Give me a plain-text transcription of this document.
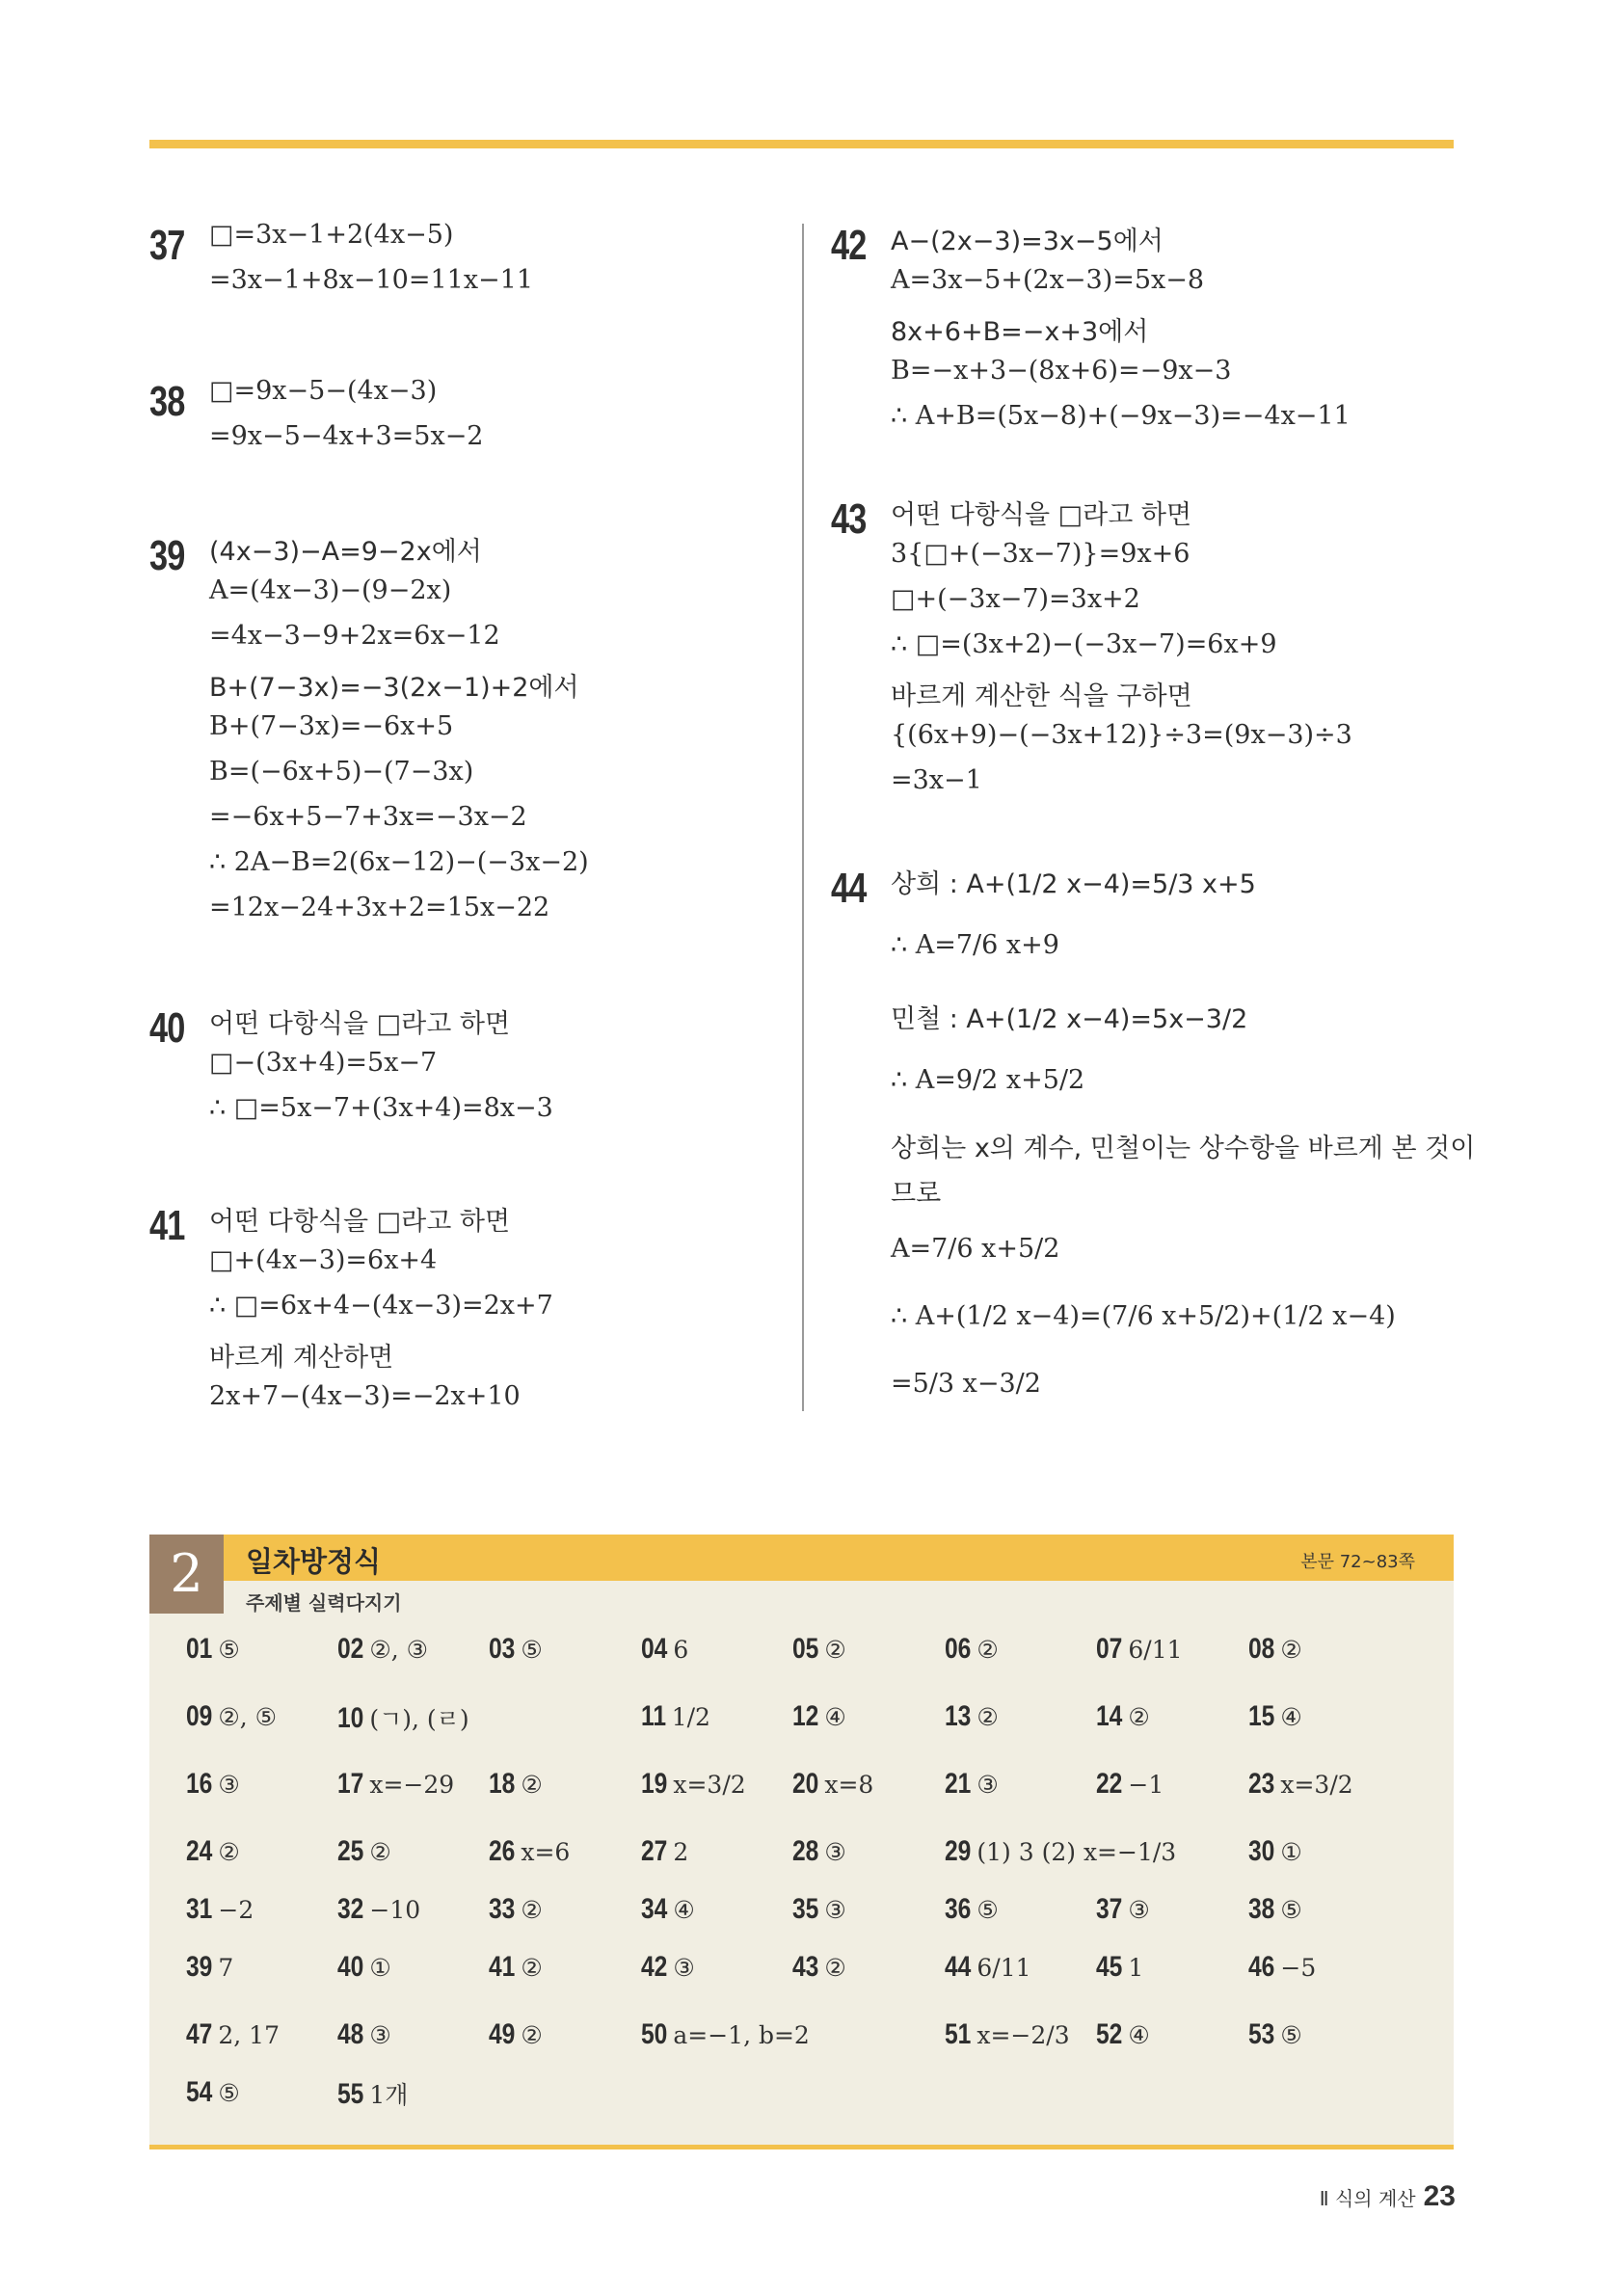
37 □=3x−1+2(4x−5)
=3x−1+8x−10=11x−11
38 □=9x−5−(4x−3)
=9x−5−4x+3=5x−2
39 (4x−3)−A=9−2x에서
A=(4x−3)−(9−2x)
=4x−3−9+2x=6x−12
B+(7−3x)=−3(2x−1)+2에서
B+(7−3x)=−6x+5
B=(−6x+5)−(7−3x)
=−6x+5−7+3x=−3x−2
∴ 2A−B=2(6x−12)−(−3x−2)
=12x−24+3x+2=15x−22
40 어떤 다항식을 □라고 하면
□−(3x+4)=5x−7
∴ □=5x−7+(3x+4)=8x−3
41 어떤 다항식을 □라고 하면
□+(4x−3)=6x+4
∴ □=6x+4−(4x−3)=2x+7
바르게 계산하면
2x+7−(4x−3)=−2x+10
42 A−(2x−3)=3x−5에서
A=3x−5+(2x−3)=5x−8
8x+6+B=−x+3에서
B=−x+3−(8x+6)=−9x−3
∴ A+B=(5x−8)+(−9x−3)=−4x−11
43 어떤 다항식을 □라고 하면
3{□+(−3x−7)}=9x+6
□+(−3x−7)=3x+2
∴ □=(3x+2)−(−3x−7)=6x+9
바르게 계산한 식을 구하면
{(6x+9)−(−3x+12)}÷3=(9x−3)÷3
=3x−1
44 상희 : A+(1/2 x−4)=5/3 x+5
∴ A=7/6 x+9
민철 : A+(1/2 x−4)=5x−3/2
∴ A=9/2 x+5/2
상희는 x의 계수, 민철이는 상수항을 바르게 본 것이
므로
A=7/6 x+5/2
∴ A+(1/2 x−4)=(7/6 x+5/2)+(1/2 x−4)
=5/3 x−3/2
2	일차방정식
주제별 실력다지기
본문 72~83쪽
01 ⑤	02 ②, ③ 03 ⑤	04 6	05 ②	06 ②	07 6/11 08 ②
09 ②, ⑤ 10 (ㄱ), (ㄹ)	11 1/2	12 ④	13 ②	14 ②	15 ④
16 ③	17 x=−29 18 ②	19 x=3/2 20 x=8 21 ③	22 −1	23 x=3/2
24 ②	25 ②	26 x=6 27 2	28 ③	29 (1) 3 (2) x=−1/3 30 ①
31 −2	32 −10 33 ②	34 ④	35 ③	36 ⑤	37 ③	38 ⑤
39 7	40 ①	41 ②	42 ③	43 ②	44 6/11 45 1	46 −5
47 2, 17 48 ③	49 ②	50 a=−1, b=2	51 x=−2/3 52 ④	53 ⑤
54 ⑤	55 1개
Ⅱ 식의 계산 23
